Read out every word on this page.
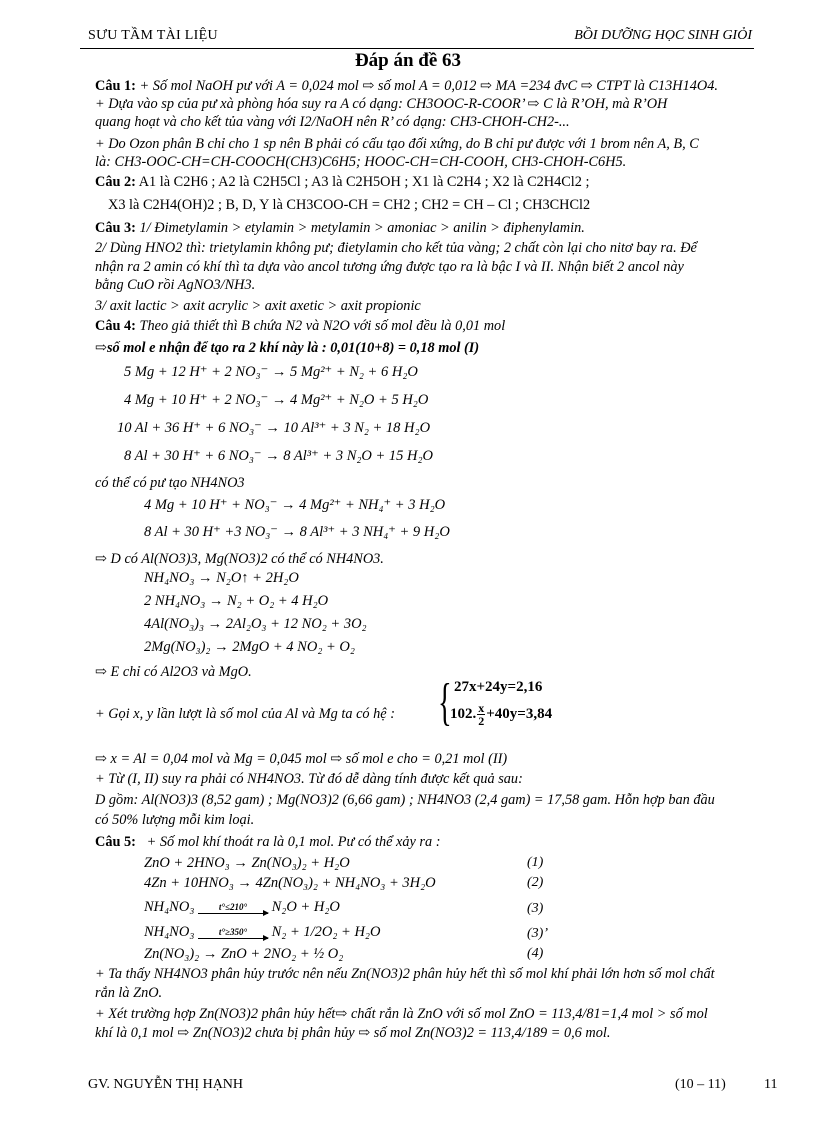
SƯU TẦM TÀI LIỆU	BỒI DƯỠNG HỌC SINH GIỎI
Đáp án đề 63
Câu 1: + Số mol NaOH pư với A = 0,024 mol ⇨ số mol A = 0,012 ⇨ MA =234 đvC ⇨ CTPT là C13H14O4.
+ Dựa vào sp của pư xà phòng hóa suy ra A có dạng: CH3OOC-R-COOR’ ⇨ C là R’OH, mà R’OH
quang hoạt và cho kết tủa vàng với I2/NaOH nên R’ có dạng: CH3-CHOH-CH2-...
+ Do Ozon phân B chỉ cho 1 sp nên B phải có cấu tạo đối xứng, do B chỉ pư được với 1 brom nên A, B, C
là: CH3-OOC-CH=CH-COOCH(CH3)C6H5; HOOC-CH=CH-COOH, CH3-CHOH-C6H5.
Câu 2: A1 là C2H6 ; A2 là C2H5Cl ; A3 là C2H5OH ; X1 là C2H4 ; X2 là C2H4Cl2 ;
X3 là C2H4(OH)2 ; B, D, Y là CH3COO-CH = CH2 ; CH2 = CH – Cl ; CH3CHCl2
Câu 3: 1/ Đimetylamin > etylamin > metylamin > amoniac > anilin > điphenylamin.
2/ Dùng HNO2 thì: trietylamin không pư; đietylamin cho kết tủa vàng; 2 chất còn lại cho nitơ bay ra. Để
nhận ra 2 amin có khí thì ta dựa vào ancol tương ứng được tạo ra là bậc I và II. Nhận biết 2 ancol này
bằng CuO rồi AgNO3/NH3.
3/ axit lactic > axit acrylic > axit axetic > axit propionic
Câu 4: Theo giả thiết thì B chứa N2 và N2O với số mol đều là 0,01 mol
⇨số mol e nhận để tạo ra 2 khí này là : 0,01(10+8) = 0,18 mol (I)
5 Mg + 12 H⁺ + 2 NO₃⁻ → 5 Mg²⁺ + N₂ + 6 H₂O
4 Mg + 10 H⁺ + 2 NO₃⁻ → 4 Mg²⁺ + N₂O + 5 H₂O
10 Al + 36 H⁺ + 6 NO₃⁻ → 10 Al³⁺ + 3 N₂ + 18 H₂O
8 Al + 30 H⁺ + 6 NO₃⁻ → 8 Al³⁺ + 3 N₂O + 15 H₂O
có thể có pư tạo NH4NO3
4 Mg + 10 H⁺ + NO₃⁻ → 4 Mg²⁺ + NH₄⁺ + 3 H₂O
8 Al + 30 H⁺ +3 NO₃⁻ → 8 Al³⁺ + 3 NH₄⁺ + 9 H₂O
⇨ D có Al(NO3)3, Mg(NO3)2 có thể có NH4NO3.
NH₄NO₃ → N₂O↑ + 2H₂O
2 NH₄NO₃ → N₂ + O₂ + 4 H₂O
4Al(NO₃)₃ → 2Al₂O₃ + 12 NO₂ + 3O₂
2Mg(NO₃)₂ → 2MgO + 4 NO₂ + O₂
⇨ E chỉ có Al2O3 và MgO.
+ Gọi x, y lần lượt là số mol của Al và Mg ta có hệ : { 27x+24y=2,16
102. $\frac{x}{2} +40y=3,84$
⇨ x = Al = 0,04 mol và Mg = 0,045 mol ⇨ số mol e cho = 0,21 mol (II)
+ Từ (I, II) suy ra phải có NH4NO3. Từ đó dễ dàng tính được kết quả sau:
D gồm: Al(NO3)3 (8,52 gam) ; Mg(NO3)2 (6,66 gam) ; NH4NO3 (2,4 gam) = 17,58 gam. Hỗn hợp ban đầu
có 50% lượng mỗi kim loại.
Câu 5: + Số mol khí thoát ra là 0,1 mol. Pư có thể xảy ra :
ZnO + 2HNO₃ → Zn(NO₃)₂ + H₂O	(1)
4Zn + 10HNO₃ → 4Zn(NO₃)₂ + NH₄NO₃ + 3H₂O	(2)
NH₄NO₃	t°≤210° N₂O + H₂O	(3)
NH₄NO₃	t°≥350° N₂ + 1/2O₂ + H₂O	(3)’
Zn(NO₃)₂ → ZnO + 2NO₂ + ½ O₂	(4)
+ Ta thấy NH4NO3 phân hủy trước nên nếu Zn(NO3)2 phân hủy hết thì số mol khí phải lớn hơn số mol chất
rắn là ZnO.
+ Xét trường hợp Zn(NO3)2 phân hủy hết⇨ chất rắn là ZnO với số mol ZnO = 113,4/81=1,4 mol > số mol
khí là 0,1 mol ⇨ Zn(NO3)2 chưa bị phân hủy ⇨ số mol Zn(NO3)2 = 113,4/189 = 0,6 mol.
GV. NGUYỄN THỊ HẠNH	(10 – 11)	11
